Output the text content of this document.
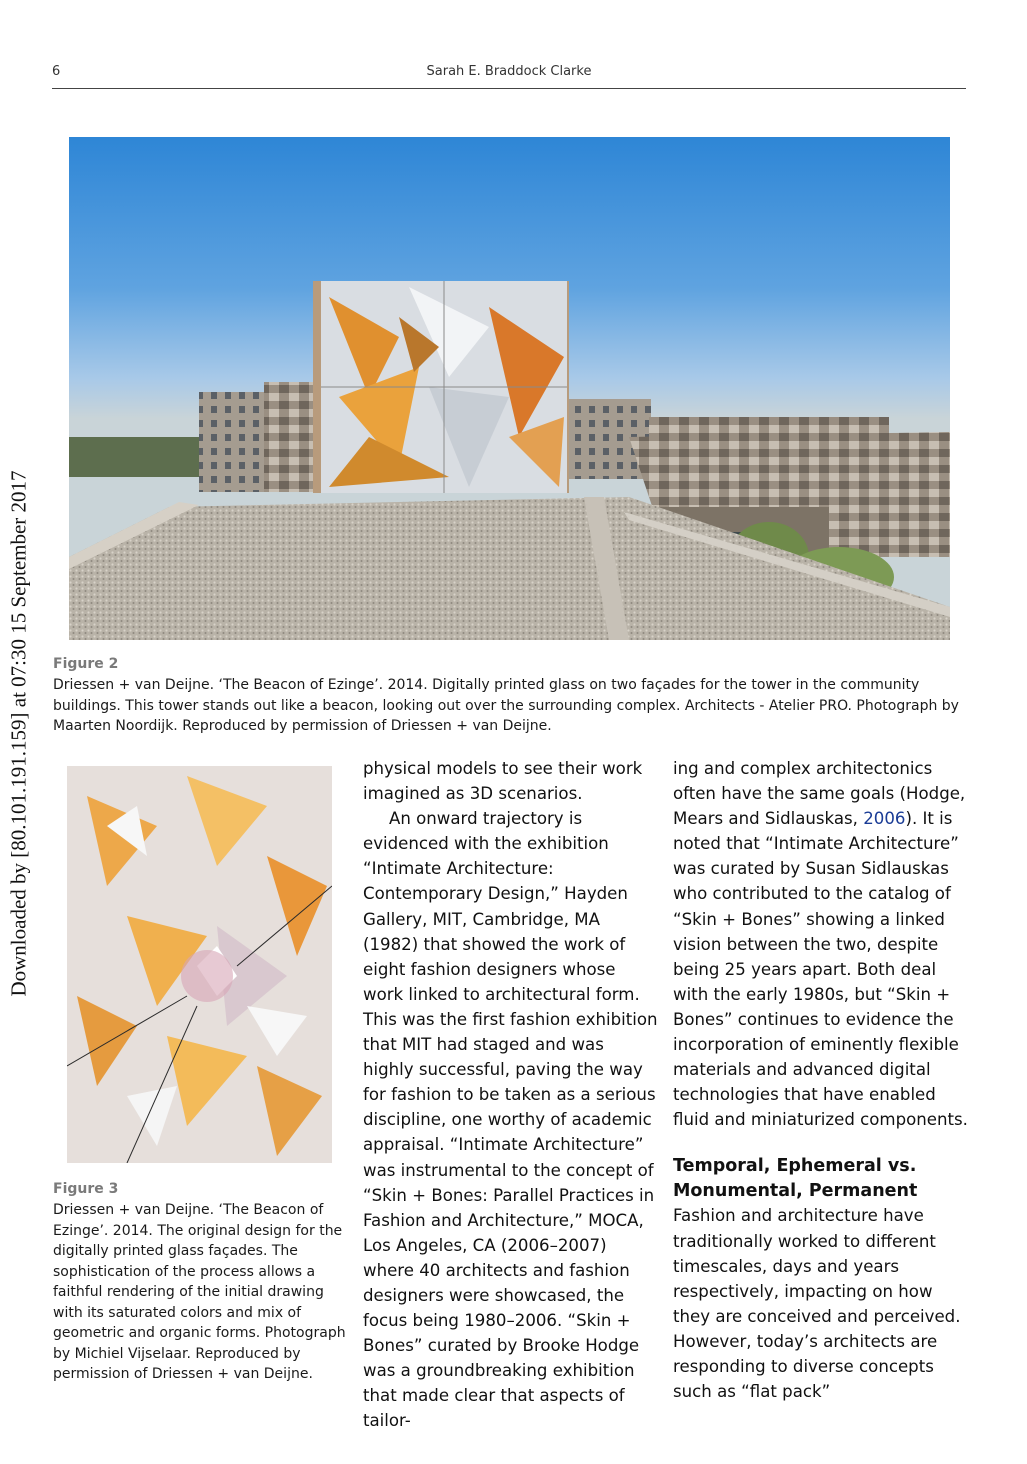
Downloaded by [80.101.191.159] at 07:30 15 September 2017
6	Sarah E. Braddock Clarke
Figure 2
Driessen + van Deijne. ‘The Beacon of Ezinge’. 2014. Digitally printed glass on two façades for the tower in the community buildings. This tower stands out like a beacon, looking out over the surrounding complex. Architects - Atelier PRO. Photograph by Maarten Noordijk. Reproduced by permission of Driessen + van Deijne.
Figure 3
Driessen + van Deijne. ‘The Beacon of Ezinge’. 2014. The original design for the digitally printed glass façades. The sophistication of the process allows a faithful rendering of the initial drawing with its saturated colors and mix of geometric and organic forms. Photograph by Michiel Vijselaar. Reproduced by permission of Driessen + van Deijne.

physical models to see their work imagined as 3D scenarios.

An onward trajectory is evidenced with the exhibition “Intimate Architecture: Contemporary Design,” Hayden Gallery, MIT, Cambridge, MA (1982) that showed the work of eight fashion designers whose work linked to architectural form. This was the first fashion exhibition that MIT had staged and was highly successful, paving the way for fashion to be taken as a serious discipline, one worthy of academic appraisal. “Intimate Architecture” was instrumental to the concept of “Skin + Bones: Parallel Practices in Fashion and Architecture,” MOCA, Los Angeles, CA (2006–2007) where 40 architects and fashion designers were showcased, the focus being 1980–2006. “Skin + Bones” curated by Brooke Hodge was a groundbreaking exhibition that made clear that aspects of tailor-

ing and complex architectonics often have the same goals (Hodge, Mears and Sidlauskas, 2006). It is noted that “Intimate Architecture” was curated by Susan Sidlauskas who contributed to the catalog of “Skin + Bones” showing a linked vision between the two, despite being 25 years apart. Both deal with the early 1980s, but “Skin + Bones” continues to evidence the incorporation of eminently flexible materials and advanced digital technologies that have enabled fluid and miniaturized components.

Temporal, Ephemeral vs. Monumental, Permanent

Fashion and architecture have traditionally worked to different timescales, days and years respectively, impacting on how they are conceived and perceived. However, today’s architects are responding to diverse concepts such as “flat pack”
